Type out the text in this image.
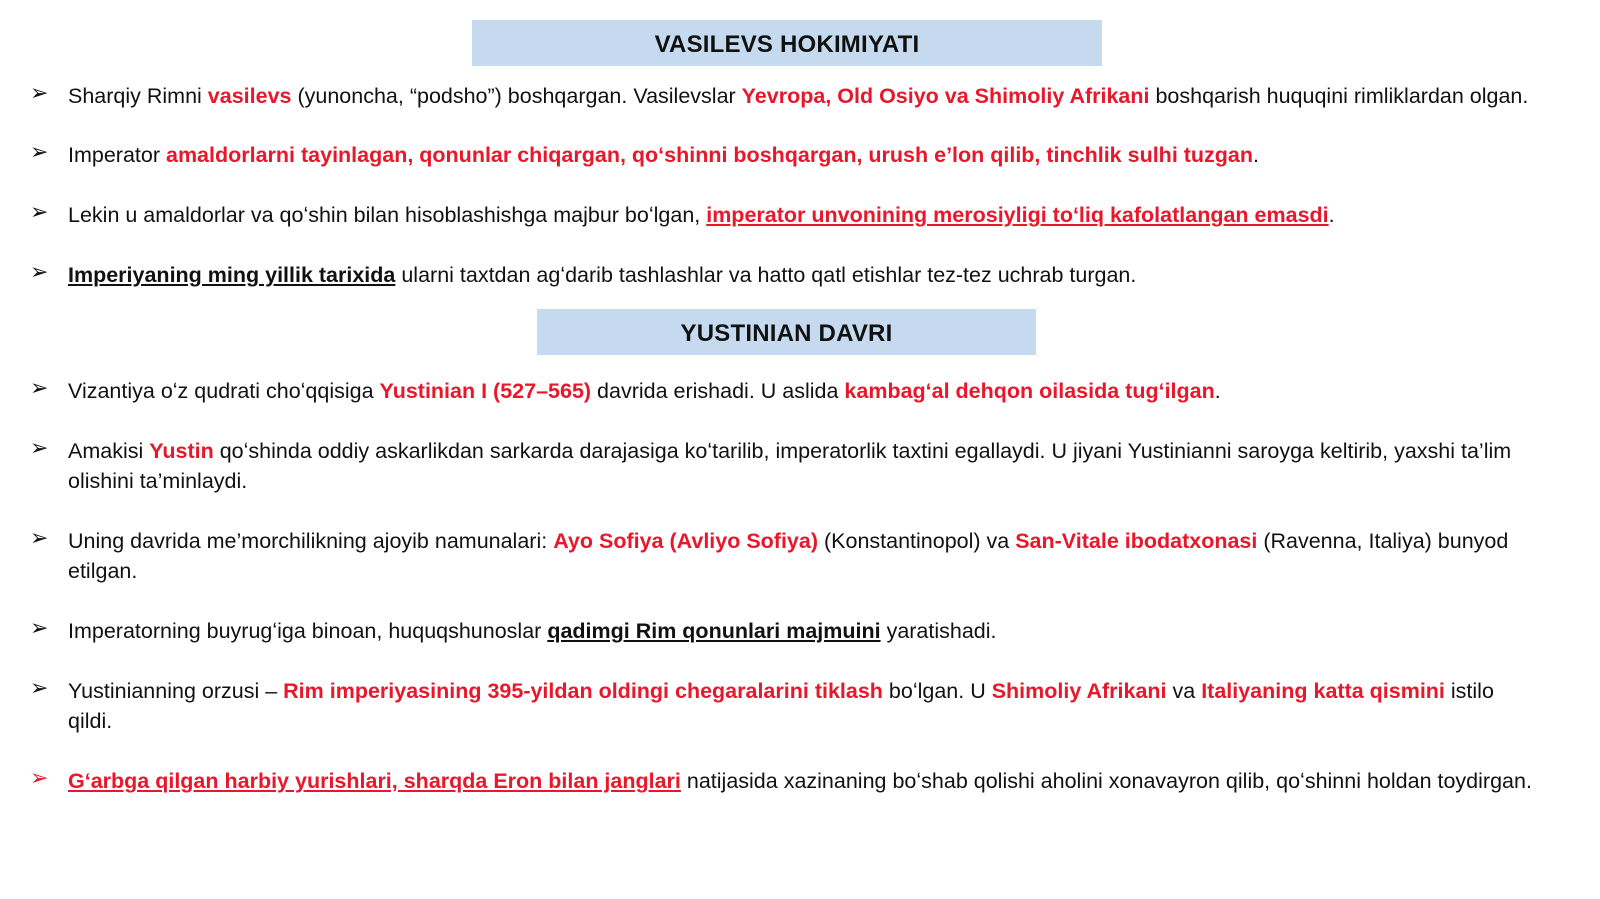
VASILEVS HOKIMIYATI
➢ Sharqiy Rimni vasilevs (yunoncha, “podsho”) boshqargan. Vasilevslar Yevropa, Old Osiyo va Shimoliy Afrikani boshqarish huquqini rimliklardan olgan.
➢ Imperator amaldorlarni tayinlagan, qonunlar chiqargan, qoʻshinni boshqargan, urush e’lon qilib, tinchlik sulhi tuzgan.
➢ Lekin u amaldorlar va qoʻshin bilan hisoblashishga majbur boʻlgan, imperator unvonining merosiyligi toʻliq kafolatlangan emasdi.
➢ Imperiyaning ming yillik tarixida ularni taxtdan agʻdarib tashlashlar va hatto qatl etishlar tez-tez uchrab turgan.
YUSTINIAN DAVRI
➢ Vizantiya oʻz qudrati choʻqqisiga Yustinian I (527–565) davrida erishadi. U aslida kambagʻal dehqon oilasida tugʻilgan.
➢ Amakisi Yustin qoʻshinda oddiy askarlikdan sarkarda darajasiga koʻtarilib, imperatorlik taxtini egallaydi. U jiyani Yustinianni saroyga keltirib, yaxshi ta’lim olishini ta’minlaydi.
➢ Uning davrida me’morchilikning ajoyib namunalari: Ayo Sofiya (Avliyo Sofiya) (Konstantinopol) va San-Vitale ibodatxonasi (Ravenna, Italiya) bunyod etilgan.
➢ Imperatorning buyrugʻiga binoan, huquqshunoslar qadimgi Rim qonunlari majmuini yaratishadi.
➢ Yustinianning orzusi – Rim imperiyasining 395-yildan oldingi chegaralarini tiklash boʻlgan. U Shimoliy Afrikani va Italiyaning katta qismini istilo qildi.
➢ Gʻarbga qilgan harbiy yurishlari, sharqda Eron bilan janglari natijasida xazinaning boʻshab qolishi aholini xonavayron qilib, qoʻshinni holdan toydirgan.
